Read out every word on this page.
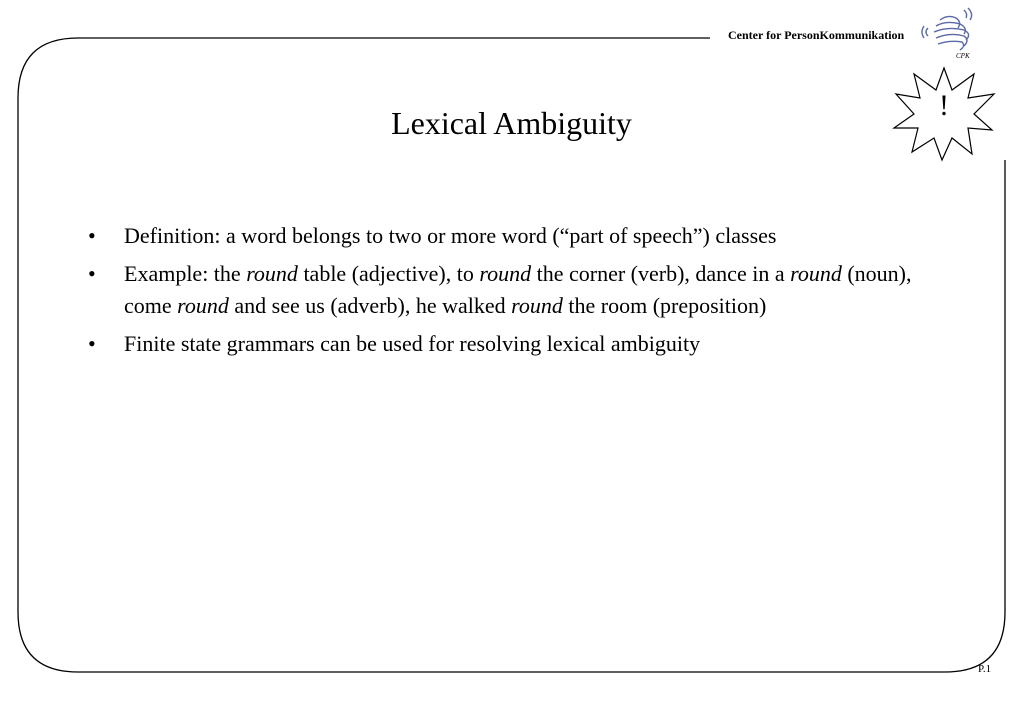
Center for PersonKommunikation
CPK
!
Lexical Ambiguity
•	Definition: a word belongs to two or more word (“part of speech”) classes
•	Example: the round table (adjective), to round the corner (verb), dance in a round (noun), come round and see us (adverb), he walked round the room (preposition)
•	Finite state grammars can be used for resolving lexical ambiguity
P.1
